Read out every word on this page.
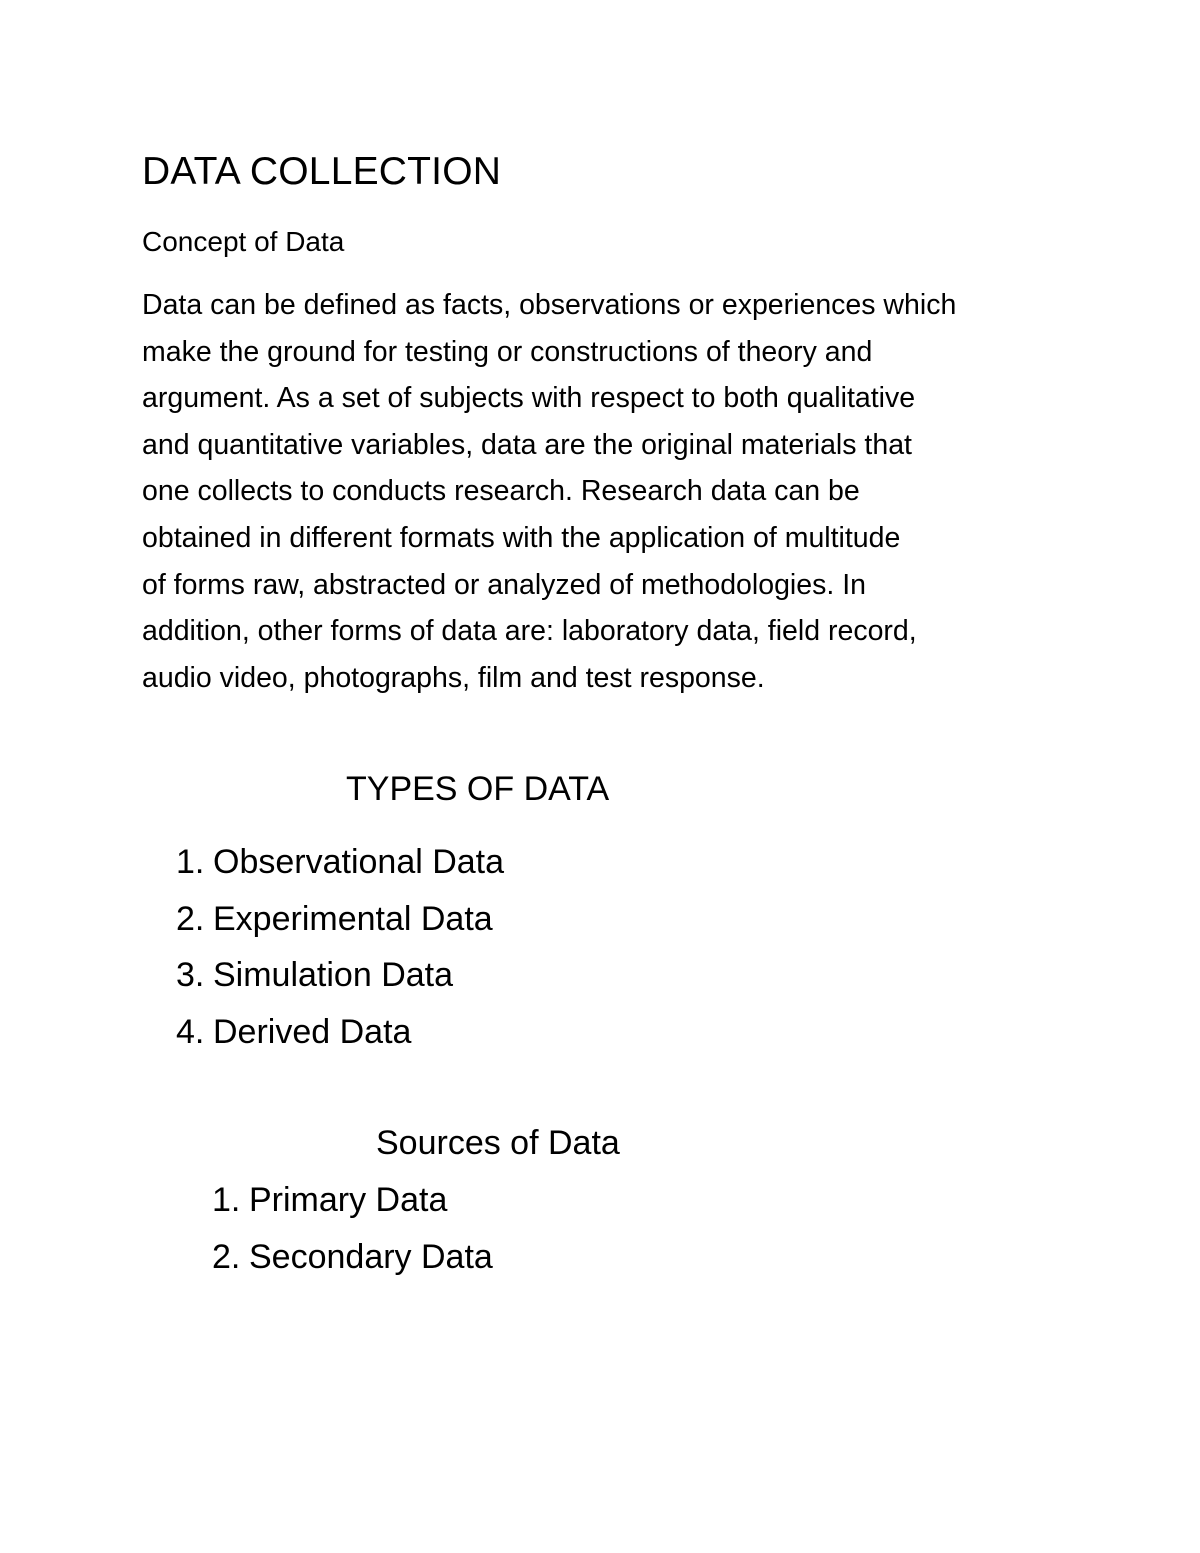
DATA COLLECTION
Concept of Data
Data can be defined as facts, observations or experiences which
make the ground for testing or constructions of theory and
argument. As a set of subjects with respect to both qualitative
and quantitative variables, data are the original materials that
one collects to conducts research. Research data can be
obtained in different formats with the application of multitude
of forms raw, abstracted or analyzed of methodologies. In
addition, other forms of data are: laboratory data, field record,
audio video, photographs, film and test response.
TYPES OF DATA
1. Observational Data
2. Experimental Data
3. Simulation Data
4. Derived Data
Sources of Data
1. Primary Data
2. Secondary Data
